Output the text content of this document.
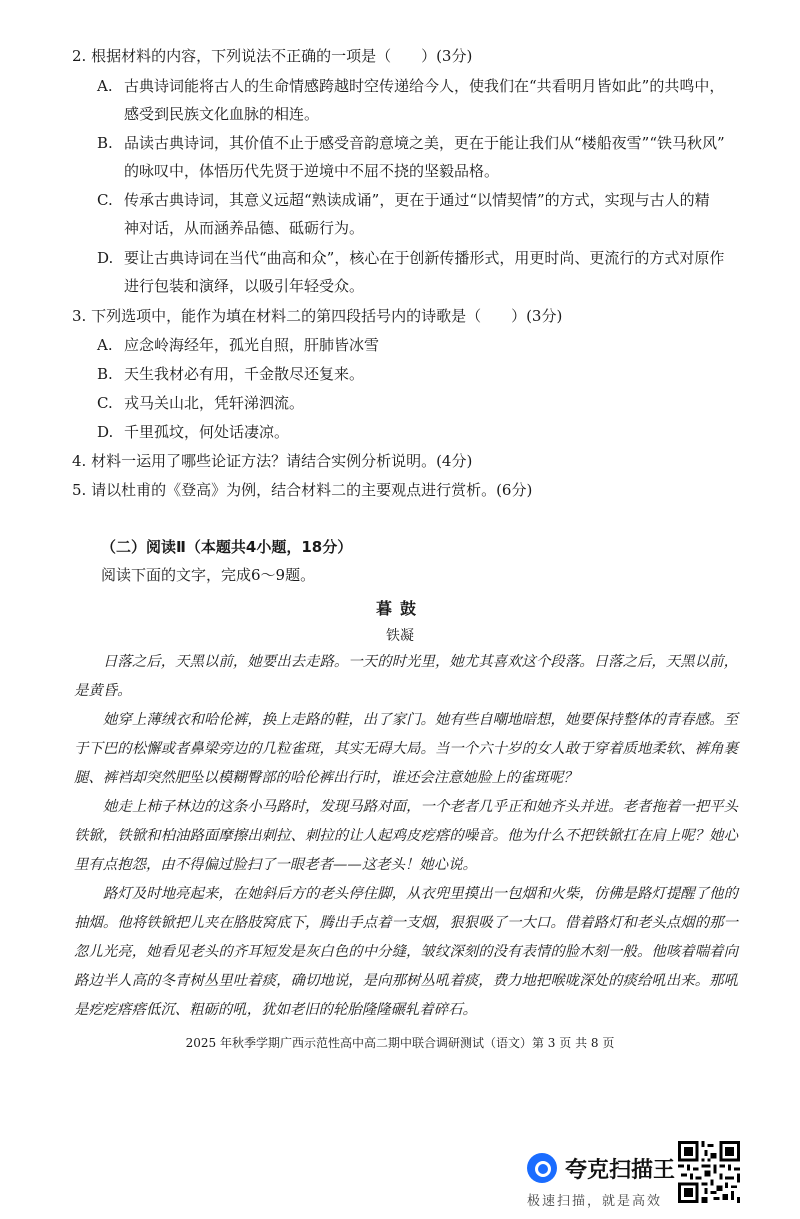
2. 根据材料的内容，下列说法不正确的一项是（　　）(3分)
A. 古典诗词能将古人的生命情感跨越时空传递给今人，使我们在“共看明月皆如此”的共鸣中，
感受到民族文化血脉的相连。
B. 品读古典诗词，其价值不止于感受音韵意境之美，更在于能让我们从“楼船夜雪”“铁马秋风”
的咏叹中，体悟历代先贤于逆境中不屈不挠的坚毅品格。
C. 传承古典诗词，其意义远超“熟读成诵”，更在于通过“以情契情”的方式，实现与古人的精
神对话，从而涵养品德、砥砺行为。
D. 要让古典诗词在当代“曲高和众”，核心在于创新传播形式，用更时尚、更流行的方式对原作
进行包装和演绎，以吸引年轻受众。
3. 下列选项中，能作为填在材料二的第四段括号内的诗歌是（　　）(3分)
A. 应念岭海经年，孤光自照，肝肺皆冰雪
B. 天生我材必有用，千金散尽还复来。
C. 戎马关山北，凭轩涕泗流。
D. 千里孤坟，何处话凄凉。
4. 材料一运用了哪些论证方法？请结合实例分析说明。(4分)
5. 请以杜甫的《登高》为例，结合材料二的主要观点进行赏析。(6分)
（二）阅读Ⅱ（本题共4小题，18分）
阅读下面的文字，完成6～9题。
暮鼓
铁凝
日落之后，天黑以前，她要出去走路。一天的时光里，她尤其喜欢这个段落。日落之后，天黑以前，是黄昏。
她穿上薄绒衣和哈伦裤，换上走路的鞋，出了家门。她有些自嘲地暗想，她要保持整体的青春感。至于下巴的松懈或者鼻梁旁边的几粒雀斑，其实无碍大局。当一个六十岁的女人敢于穿着质地柔软、裤角裹腿、裤裆却突然肥坠以模糊臀部的哈伦裤出行时，谁还会注意她脸上的雀斑呢？
她走上柿子林边的这条小马路时，发现马路对面，一个老者几乎正和她齐头并进。老者拖着一把平头铁锨，铁锨和柏油路面摩擦出刺拉、刺拉的让人起鸡皮疙瘩的噪音。他为什么不把铁锨扛在肩上呢？她心里有点抱怨，由不得偏过脸扫了一眼老者——这老头！她心说。
路灯及时地亮起来，在她斜后方的老头停住脚，从衣兜里摸出一包烟和火柴，仿佛是路灯提醒了他的抽烟。他将铁锨把儿夹在胳肢窝底下，腾出手点着一支烟，狠狠吸了一大口。借着路灯和老头点烟的那一忽儿光亮，她看见老头的齐耳短发是灰白色的中分缝，皱纹深刻的没有表情的脸木刻一般。他咳着喘着向路边半人高的冬青树丛里吐着痰，确切地说，是向那树丛吼着痰，费力地把喉咙深处的痰给吼出来。那吼是疙疙瘩瘩低沉、粗砺的吼，犹如老旧的轮胎隆隆碾轧着碎石。
2025 年秋季学期广西示范性高中高二期中联合调研测试（语文）第 3 页 共 8 页
夸克扫描王
极速扫描，就是高效
